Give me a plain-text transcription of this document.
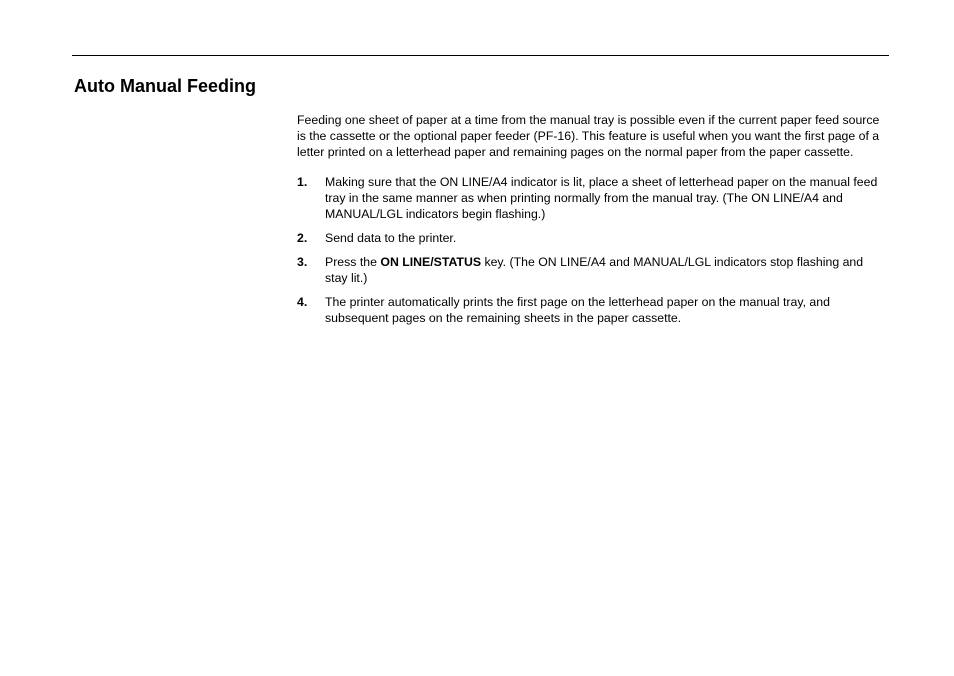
Auto Manual Feeding

Feeding one sheet of paper at a time from the manual tray is possible even if the current paper feed source is the cassette or the optional paper feeder (PF-16). This feature is useful when you want the first page of a letter printed on a letterhead paper and remaining pages on the normal paper from the paper cassette.

1.	Making sure that the ON LINE/A4 indicator is lit, place a sheet of letterhead paper on the manual feed tray in the same manner as when printing normally from the manual tray. (The ON LINE/A4 and MANUAL/LGL indicators begin flashing.)
2.	Send data to the printer.
3.	Press the ON LINE/STATUS key. (The ON LINE/A4 and MANUAL/LGL indicators stop flashing and stay lit.)
4.	The printer automatically prints the first page on the letterhead paper on the manual tray, and subsequent pages on the remaining sheets in the paper cassette.
